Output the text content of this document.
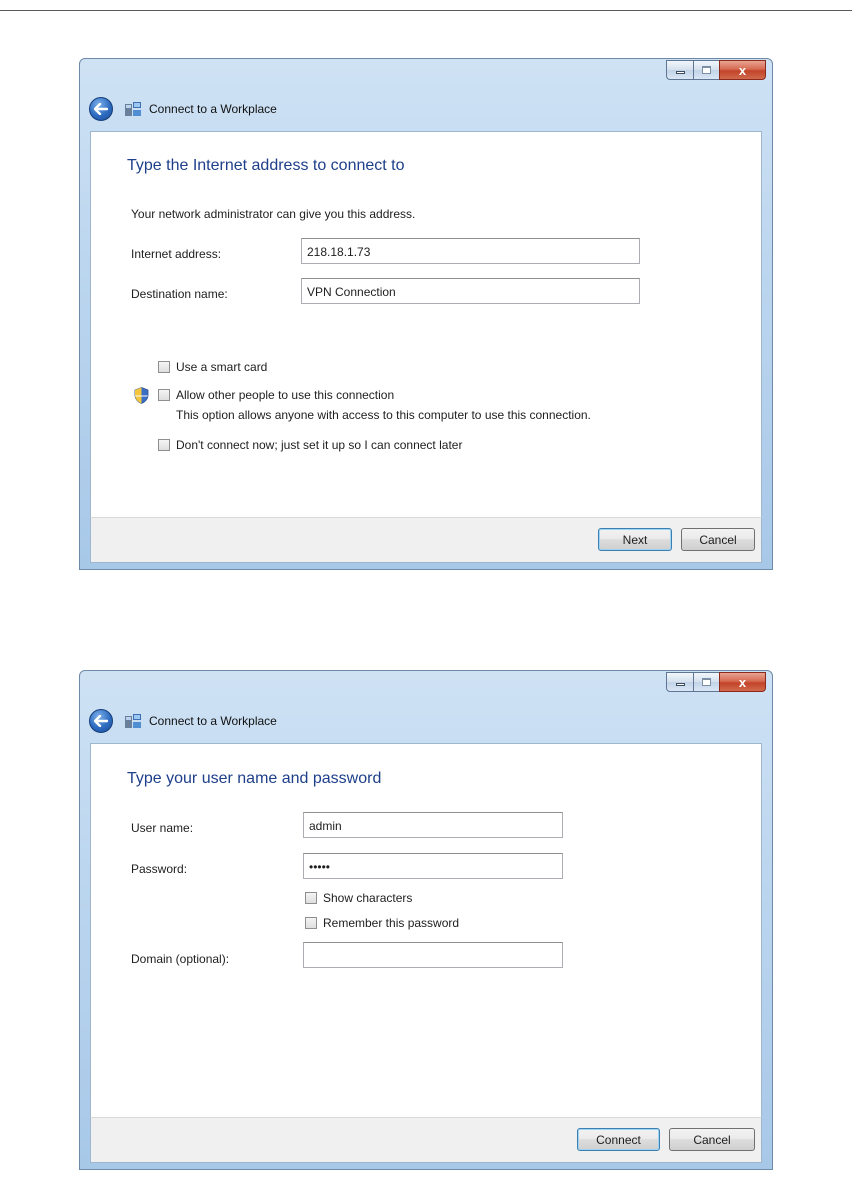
x
Connect to a Workplace
Type the Internet address to connect to
Your network administrator can give you this address.
Internet address:	218.18.1.73
Destination name:	VPN Connection
Use a smart card
Allow other people to use this connection
This option allows anyone with access to this computer to use this connection.
Don't connect now; just set it up so I can connect later
Next	Cancel
x
Connect to a Workplace
Type your user name and password
User name:	admin
Password:	•••••
Show characters
Remember this password
Domain (optional):
Connect	Cancel
